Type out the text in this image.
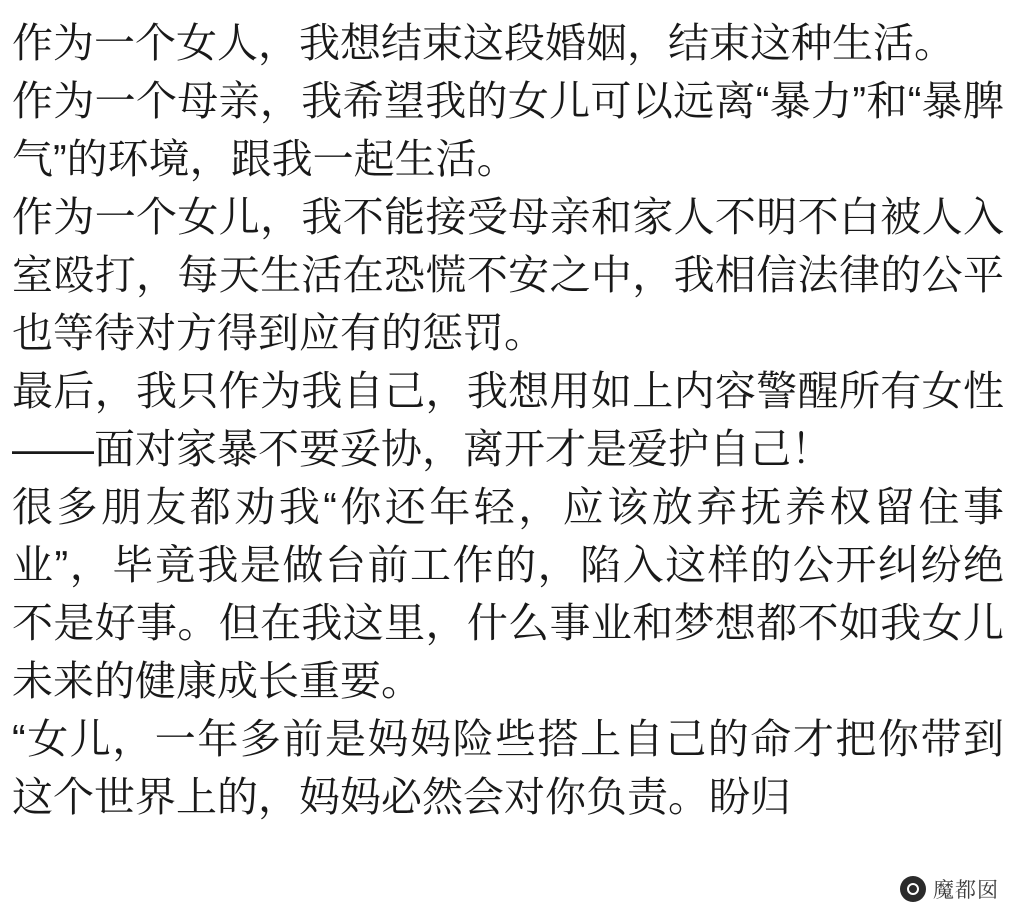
作为一个女人，我想结束这段婚姻，结束这种生活。

作为一个母亲，我希望我的女儿可以远离“暴力”和“暴脾气”的环境，跟我一起生活。

作为一个女儿，我不能接受母亲和家人不明不白被人入室殴打，每天生活在恐慌不安之中，我相信法律的公平也等待对方得到应有的惩罚。

最后，我只作为我自己，我想用如上内容警醒所有女性——面对家暴不要妥协，离开才是爱护自己！

很多朋友都劝我“你还年轻，应该放弃抚养权留住事业”，毕竟我是做台前工作的，陷入这样的公开纠纷绝不是好事。但在我这里，什么事业和梦想都不如我女儿未来的健康成长重要。

“女儿，一年多前是妈妈险些搭上自己的命才把你带到这个世界上的，妈妈必然会对你负责。盼归

魔都囡
